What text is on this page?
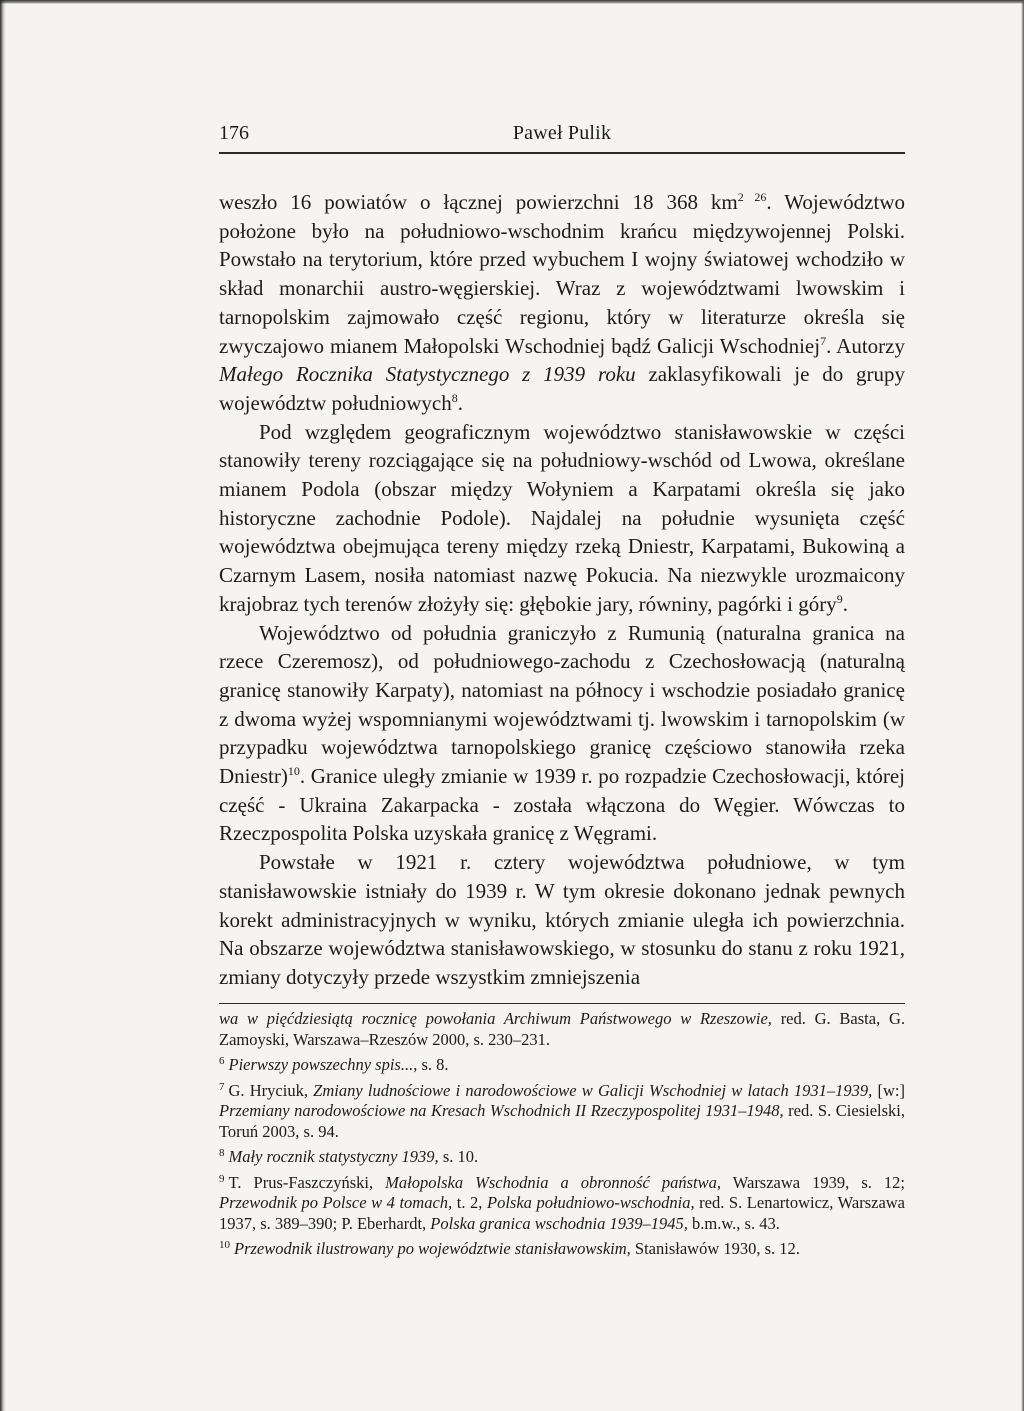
176	Paweł Pulik

weszło 16 powiatów o łącznej powierzchni 18 368 $km^{2 26}$. Województwo położone było na południowo-wschodnim krańcu międzywojennej Polski. Powstało na terytorium, które przed wybuchem I wojny światowej wchodziło w skład monarchii austro-węgierskiej. Wraz z województwami lwowskim i tarnopolskim zajmowało część regionu, który w literaturze określa się zwyczajowo mianem Małopolski Wschodniej bądź Galicji Wschodniej$^7$. Autorzy Małego Rocznika Statystycznego z 1939 roku zaklasyfikowali je do grupy województw południowych$^8$.

Pod względem geograficznym województwo stanisławowskie w części stanowiły tereny rozciągające się na południowy-wschód od Lwowa, określane mianem Podola (obszar między Wołyniem a Karpatami określa się jako historyczne zachodnie Podole). Najdalej na południe wysunięta część województwa obejmująca tereny między rzeką Dniestr, Karpatami, Bukowiną a Czarnym Lasem, nosiła natomiast nazwę Pokucia. Na niezwykle urozmaicony krajobraz tych terenów złożyły się: głębokie jary, równiny, pagórki i góry$^9$.

Województwo od południa graniczyło z Rumunią (naturalna granica na rzece Czeremosz), od południowego-zachodu z Czechosłowacją (naturalną granicę stanowiły Karpaty), natomiast na północy i wschodzie posiadało granicę z dwoma wyżej wspomnianymi województwami tj. lwowskim i tarnopolskim (w przypadku województwa tarnopolskiego granicę częściowo stanowiła rzeka Dniestr)$^{10}$. Granice uległy zmianie w 1939 r. po rozpadzie Czechosłowacji, której część - Ukraina Zakarpacka - została włączona do Węgier. Wówczas to Rzeczpospolita Polska uzyskała granicę z Węgrami.

Powstałe w 1921 r. cztery województwa południowe, w tym stanisławowskie istniały do 1939 r. W tym okresie dokonano jednak pewnych korekt administracyjnych w wyniku, których zmianie uległa ich powierzchnia. Na obszarze województwa stanisławowskiego, w stosunku do stanu z roku 1921, zmiany dotyczyły przede wszystkim zmniejszenia

wa w pięćdziesiątą rocznicę powołania Archiwum Państwowego w Rzeszowie, red. G. Basta, G. Zamoyski, Warszawa–Rzeszów 2000, s. 230–231.

$^6$ Pierwszy powszechny spis..., s. 8.

$^7$ G. Hryciuk, Zmiany ludnościowe i narodowościowe w Galicji Wschodniej w latach 1931–1939, [w:] Przemiany narodowościowe na Kresach Wschodnich II Rzeczypospolitej 1931–1948, red. S. Ciesielski, Toruń 2003, s. 94.

$^8$ Mały rocznik statystyczny 1939, s. 10.

$^9$ T. Prus-Faszczyński, Małopolska Wschodnia a obronność państwa, Warszawa 1939, s. 12; Przewodnik po Polsce w 4 tomach, t. 2, Polska południowo-wschodnia, red. S. Lenartowicz, Warszawa 1937, s. 389–390; P. Eberhardt, Polska granica wschodnia 1939–1945, b.m.w., s. 43.

$^{10}$ Przewodnik ilustrowany po województwie stanisławowskim, Stanisławów 1930, s. 12.
